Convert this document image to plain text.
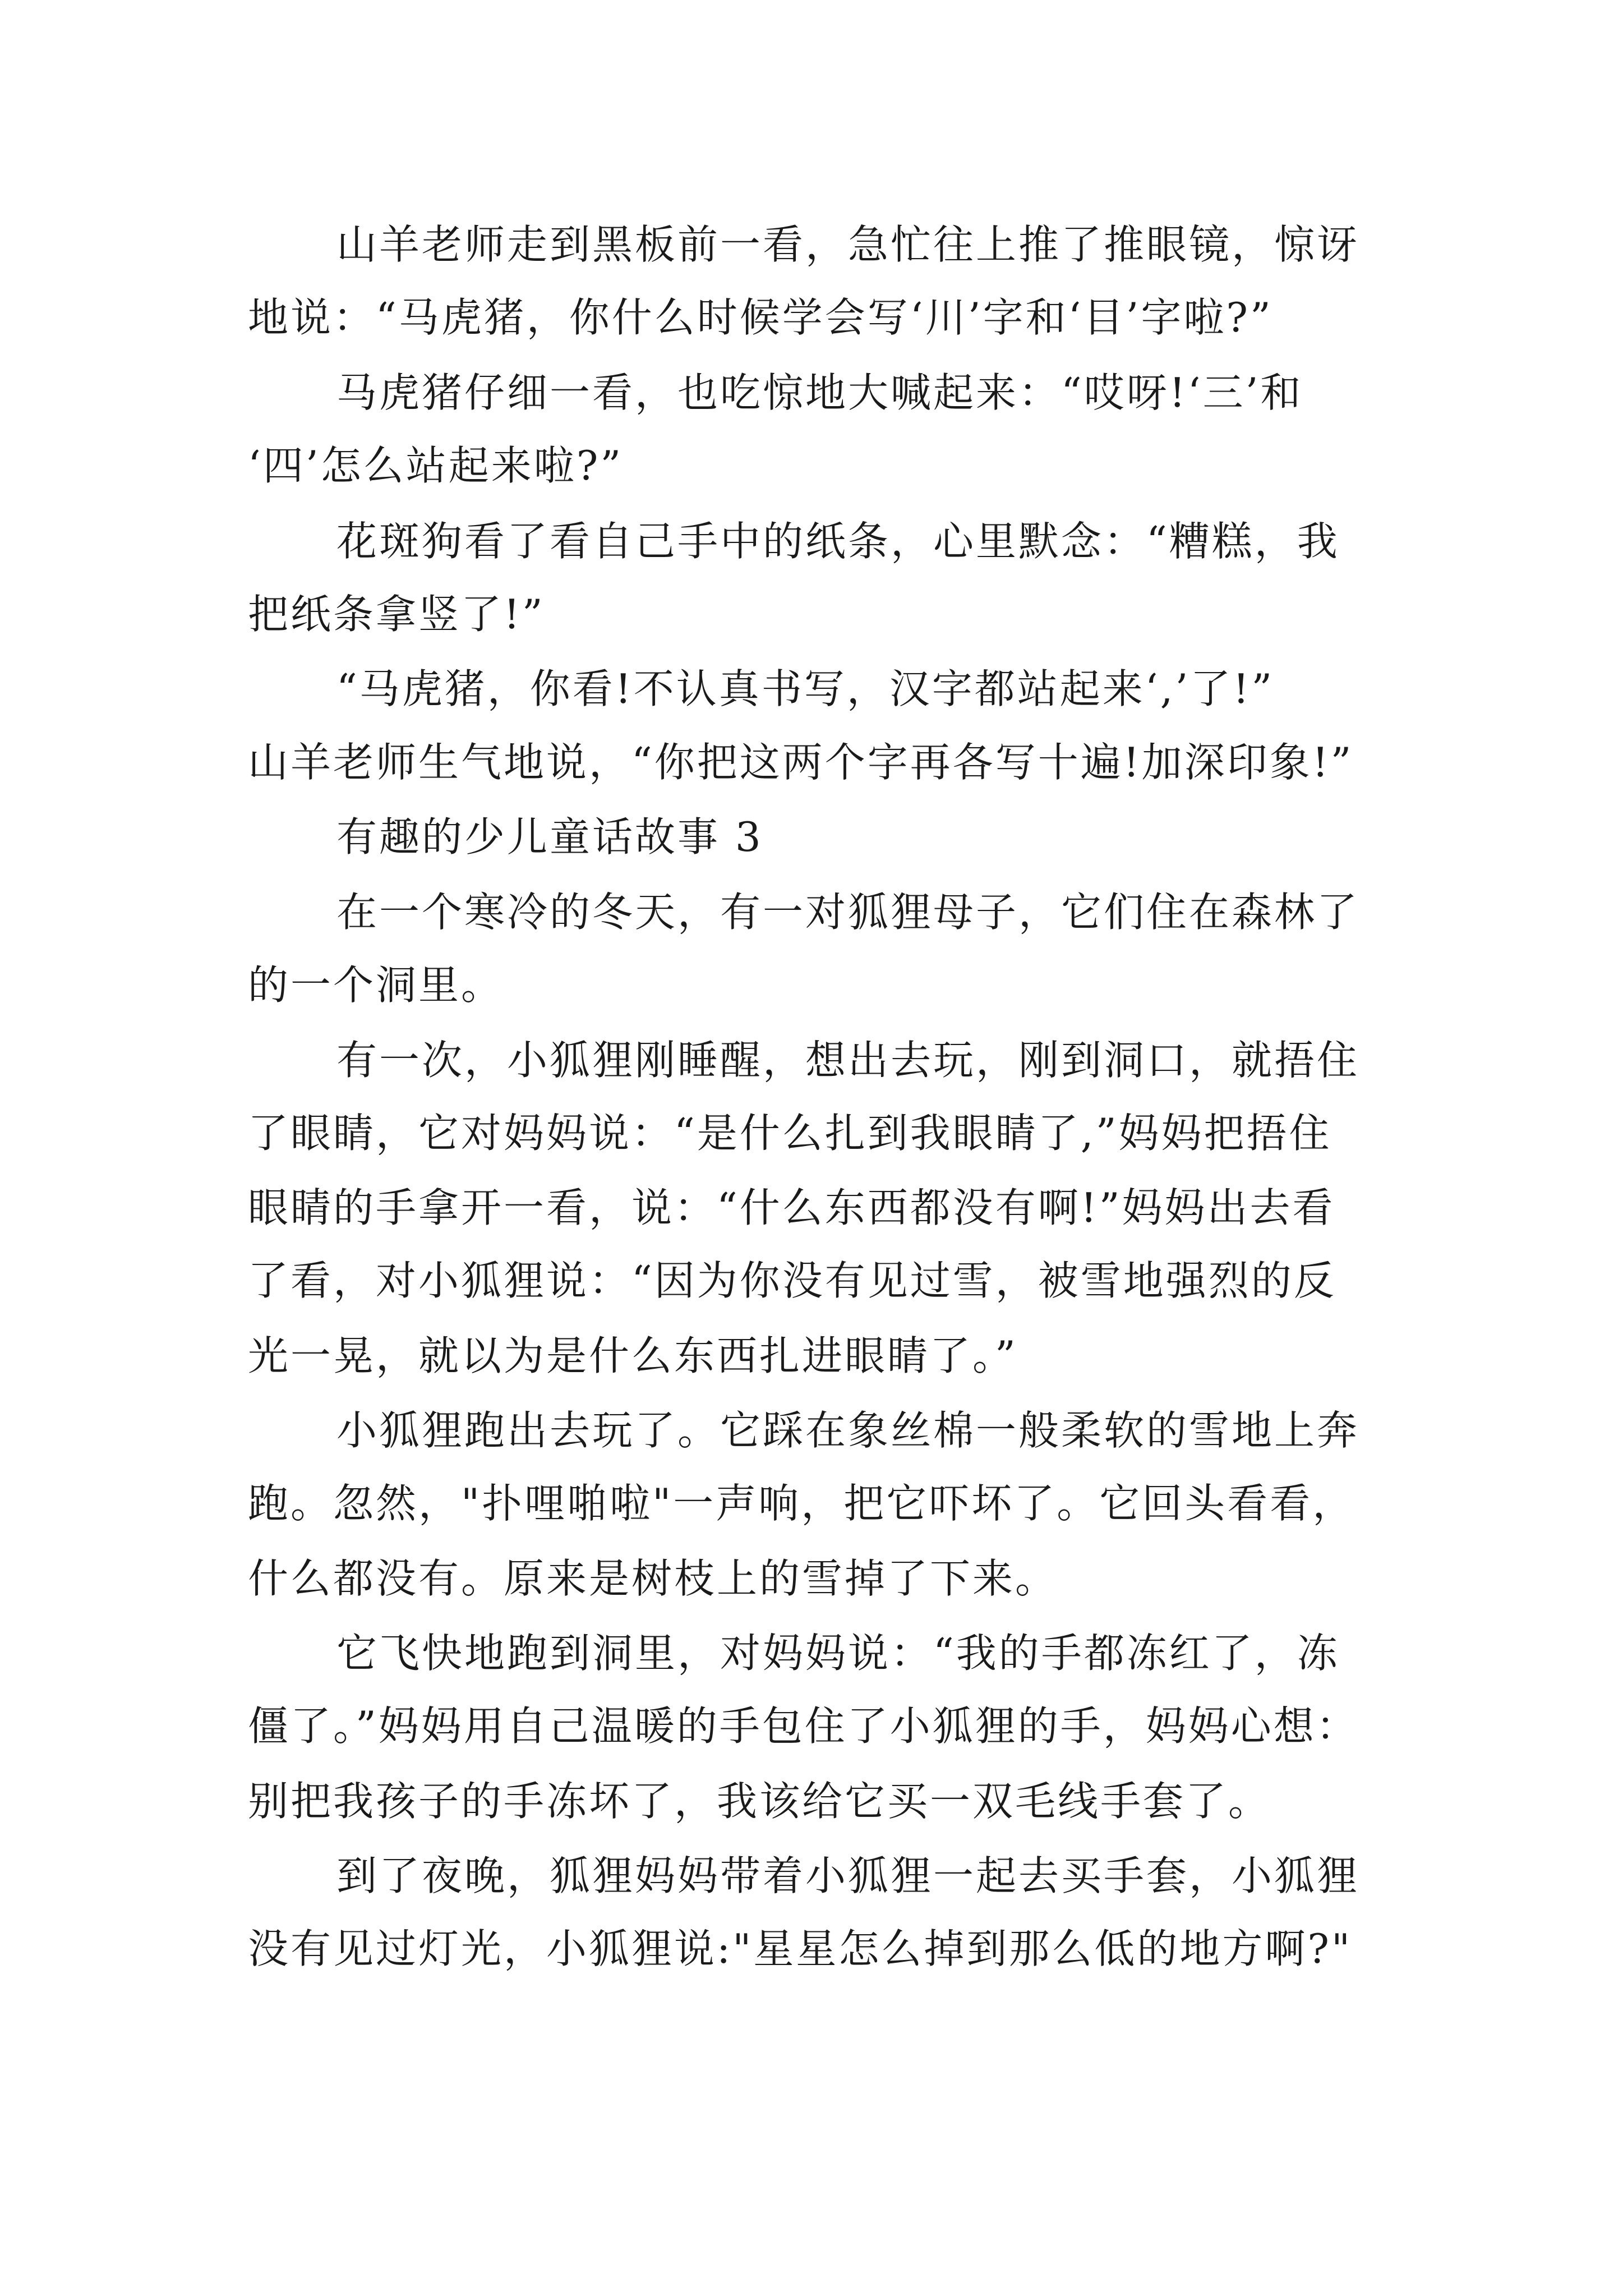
山羊老师走到黑板前一看，急忙往上推了推眼镜，惊讶
地说：“马虎猪，你什么时候学会写‘川’字和‘目’字啦?”
马虎猪仔细一看，也吃惊地大喊起来：“哎呀!‘三’和
‘四’怎么站起来啦?”
花斑狗看了看自己手中的纸条，心里默念：“糟糕，我
把纸条拿竖了!”
“马虎猪，你看!不认真书写，汉字都站起来‘,’了!”
山羊老师生气地说，“你把这两个字再各写十遍!加深印象!”
有趣的少儿童话故事 3
在一个寒冷的冬天，有一对狐狸母子，它们住在森林了
的一个洞里。
有一次，小狐狸刚睡醒，想出去玩，刚到洞口，就捂住
了眼睛，它对妈妈说：“是什么扎到我眼睛了,”妈妈把捂住
眼睛的手拿开一看，说：“什么东西都没有啊!”妈妈出去看
了看，对小狐狸说：“因为你没有见过雪，被雪地强烈的反
光一晃，就以为是什么东西扎进眼睛了。”
小狐狸跑出去玩了。它踩在象丝棉一般柔软的雪地上奔
跑。忽然，"扑哩啪啦"一声响，把它吓坏了。它回头看看，
什么都没有。原来是树枝上的雪掉了下来。
它飞快地跑到洞里，对妈妈说：“我的手都冻红了，冻
僵了。”妈妈用自己温暖的手包住了小狐狸的手，妈妈心想：
别把我孩子的手冻坏了，我该给它买一双毛线手套了。
到了夜晚，狐狸妈妈带着小狐狸一起去买手套，小狐狸
没有见过灯光，小狐狸说:"星星怎么掉到那么低的地方啊?"
